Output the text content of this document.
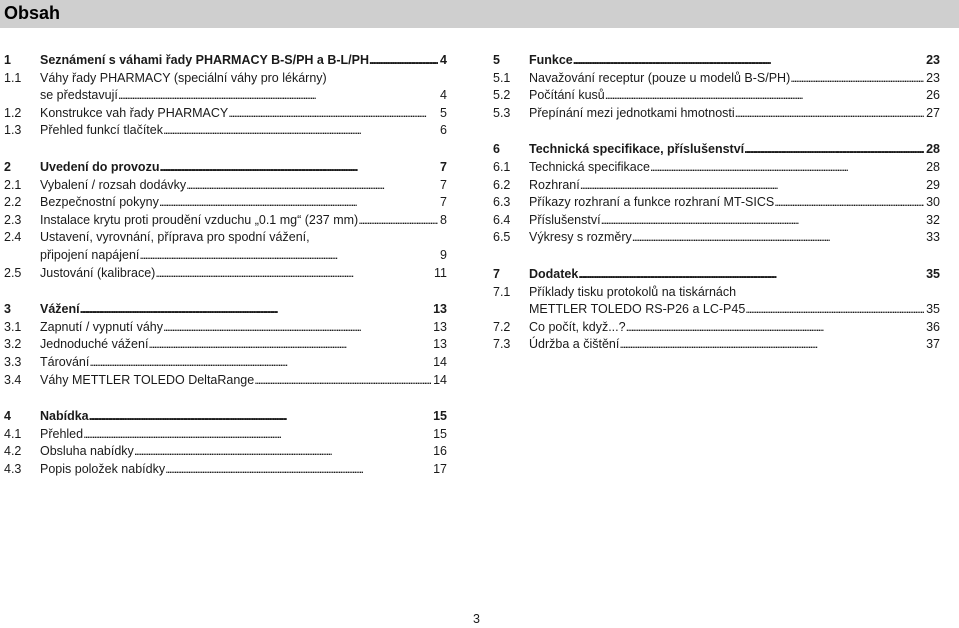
Obsah
1	Seznámení s váhami řady PHARMACY B-S/PH a B-L/PH . . .	4
1.1	Váhy řady PHARMACY (speciální váhy pro lékárny)
se představují . . .	4
1.2	Konstrukce vah řady PHARMACY . . .	5
1.3	Přehled funkcí tlačítek . . .	6
2	Uvedení do provozu . . .	7
2.1	Vybalení / rozsah dodávky . . .	7
2.2	Bezpečnostní pokyny . . .	7
2.3	Instalace krytu proti proudění vzduchu „0.1 mg“ (237 mm) . . .	8
2.4	Ustavení, vyrovnání, příprava pro spodní vážení,
připojení napájení . . .	9
2.5	Justování (kalibrace) . . .	11
3	Vážení . . .	13
3.1	Zapnutí / vypnutí váhy . . .	13
3.2	Jednoduché vážení . . .	13
3.3	Tárování . . .	14
3.4	Váhy METTLER TOLEDO DeltaRange . . .	14
4	Nabídka . . .	15
4.1	Přehled . . .	15
4.2	Obsluha nabídky . . .	16
4.3	Popis položek nabídky . . .	17
5	Funkce . . .	23
5.1	Navažování receptur (pouze u modelů B-S/PH) . . .	23
5.2	Počítání kusů . . .	26
5.3	Přepínání mezi jednotkami hmotnosti . . .	27
6	Technická specifikace, příslušenství . . .	28
6.1	Technická specifikace . . .	28
6.2	Rozhraní . . .	29
6.3	Příkazy rozhraní a funkce rozhraní MT-SICS . . .	30
6.4	Příslušenství . . .	32
6.5	Výkresy s rozměry . . .	33
7	Dodatek . . .	35
7.1	Příklady tisku protokolů na tiskárnách
METTLER TOLEDO RS-P26 a LC-P45 . . .	35
7.2	Co počít, když...? . . .	36
7.3	Údržba a čištění . . .	37
3
